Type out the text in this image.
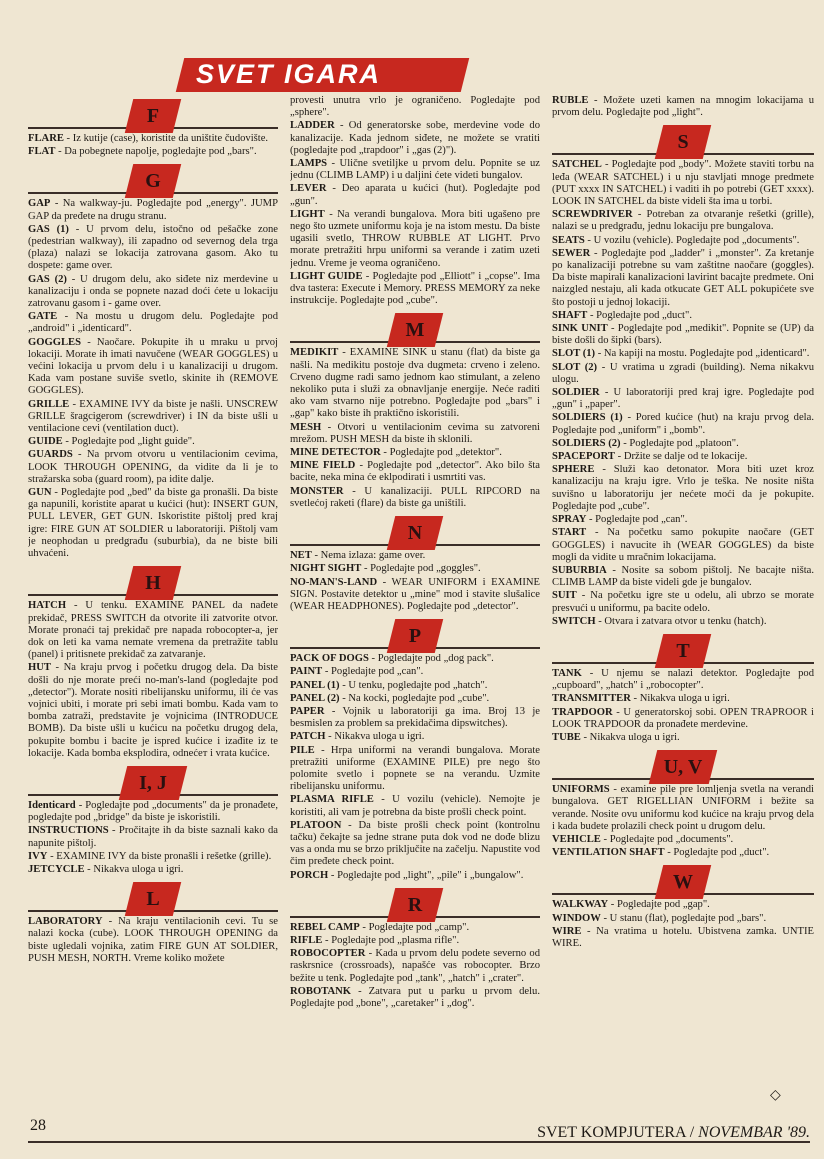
SVET IGARA
F

FLARE - Iz kutije (case), koristite da uništite čudovište.

FLAT - Da pobegnete napolje, pogledajte pod „bars".

G

GAP - Na walkway-ju. Pogledajte pod „energy". JUMP GAP da pređete na drugu stranu.

GAS (1) - U prvom delu, istočno od pešačke zone (pedestrian walkway), ili zapadno od severnog dela trga (plaza) nalazi se lokacija zatrovana gasom. Ako tu dospete: game over.

GAS (2) - U drugom delu, ako siđete niz merdevine u kanalizaciju i onda se popnete nazad doći ćete u lokaciju zatrovanu gasom i - game over.

GATE - Na mostu u drugom delu. Pogledajte pod „android" i „identicard".

GOGGLES - Naočare. Pokupite ih u mraku u prvoj lokaciji. Morate ih imati navučene (WEAR GOGGLES) u većini lokacija u prvom delu i u kanalizaciji u drugom. Kada vam postane suviše svetlo, skinite ih (REMOVE GOGGLES).

GRILLE - EXAMINE IVY da biste je našli. UNSCREW GRILLE šragcigerom (screwdriver) i IN da biste ušli u ventilacione cevi (ventilation duct).

GUIDE - Pogledajte pod „light guide".

GUARDS - Na prvom otvoru u ventilacionim cevima, LOOK THROUGH OPENING, da vidite da li je to stražarska soba (guard room), pa idite dalje.

GUN - Pogledajte pod „bed" da biste ga pronašli. Da biste ga napunili, koristite aparat u kućici (hut): INSERT GUN, PULL LEVER, GET GUN. Iskoristite pištolj pred kraj igre: FIRE GUN AT SOLDIER u laboratoriji. Pištolj vam je neophodan u predgrađu (suburbia), da ne biste bili uhvaćeni.

H

HATCH - U tenku. EXAMINE PANEL da nađete prekidač, PRESS SWITCH da otvorite ili zatvorite otvor. Morate pronaći taj prekidač pre napada robocopter-a, jer dok on leti ka vama nemate vremena da pretražite tablu (panel) i pritisnete prekidač za zatvaranje.

HUT - Na kraju prvog i početku drugog dela. Da biste došli do nje morate preći no-man's-land (pogledajte pod „detector"). Morate nositi ribelijansku uniformu, ili će vas vojnici ubiti, i morate pri sebi imati bombu. Kada vam to bomba zatraži, predstavite je vojnicima (INTRODUCE BOMB). Da biste ušli u kućicu na početku drugog dela, pokupite bombu i bacite je ispred kućice i izađite iz te lokacije. Kada bomba eksplodira, odnećeт i vrata kućice.

I, J

Identicard - Pogledajte pod „documents" da je pronađete, pogledajte pod „bridge" da biste je iskoristili.

INSTRUCTIONS - Pročitajte ih da biste saznali kako da napunite pištolj.

IVY - EXAMINE IVY da biste pronašli i rešetke (grille).

JETCYCLE - Nikakva uloga u igri.

L

LABORATORY - Na kraju ventilacionih cevi. Tu se nalazi kocka (cube). LOOK THROUGH OPENING da biste ugledali vojnika, zatim FIRE GUN AT SOLDIER, PUSH MESH, NORTH. Vreme koliko možete

provesti unutra vrlo je ograničeno. Pogledajte pod „sphere".

LADDER - Od generatorske sobe, merdevine vode do kanalizacije. Kada jednom siđete, ne možete se vratiti (pogledajte pod „trapdoor" i „gas (2)").

LAMPS - Ulične svetiljke u prvom delu. Popnite se uz jednu (CLIMB LAMP) i u daljini ćete videti bungalov.

LEVER - Deo aparata u kućici (hut). Pogledajte pod „gun".

LIGHT - Na verandi bungalova. Mora biti ugašeno pre nego što uzmete uniformu koja je na istom mestu. Da biste ugasili svetlo, THROW RUBBLE AT LIGHT. Prvo morate pretražiti hrpu uniformi sa verande i zatim uzeti jednu. Vreme je veoma ograničeno.

LIGHT GUIDE - Pogledajte pod „Elliott" i „copse". Ima dva tastera: Execute i Memory. PRESS MEMORY za neke instrukcije. Pogledajte pod „cube".

M

MEDIKIT - EXAMINE SINK u stanu (flat) da biste ga našli. Na medikitu postoje dva dugmeta: crveno i zeleno. Crveno dugme radi samo jednom kao stimulant, a zeleno nekoliko puta i služi za obnavljanje energije. Neće raditi ako vam stvarno nije potrebno. Pogledajte pod „bars" i „gap" kako biste ih praktično iskoristili.

MESH - Otvori u ventilacionim cevima su zatvoreni mrežom. PUSH MESH da biste ih sklonili.

MINE DETECTOR - Pogledajte pod „detektor".

MINE FIELD - Pogledajte pod „detector". Ako bilo šta bacite, neka mina će eklpodirati i usmrtiti vas.

MONSTER - U kanalizaciji. PULL RIPCORD na svetlećoj raketi (flare) da biste ga uništili.

N

NET - Nema izlaza: game over.

NIGHT SIGHT - Pogledajte pod „goggles".

NO-MAN'S-LAND - WEAR UNIFORM i EXAMINE SIGN. Postavite detektor u „mine" mod i stavite slušalice (WEAR HEADPHONES). Pogledajte pod „detector".

P

PACK OF DOGS - Pogledajte pod „dog pack".

PAINT - Pogledajte pod „can".

PANEL (1) - U tenku, pogledajte pod „hatch".

PANEL (2) - Na kocki, pogledajte pod „cube".

PAPER - Vojnik u laboratoriji ga ima. Broj 13 je besmislen za problem sa prekidačima dipswitches).

PATCH - Nikakva uloga u igri.

PILE - Hrpa uniformi na verandi bungalova. Morate pretražiti uniforme (EXAMINE PILE) pre nego što polomite svetlo i popnete se na verandu. Uzmite ribelijansku uniformu.

PLASMA RIFLE - U vozilu (vehicle). Nemojte je koristiti, ali vam je potrebna da biste prošli check point.

PLATOON - Da biste prošli check point (kontrolnu tačku) čekajte sa jedne strane puta dok vod ne dođe blizu vas a onda mu se brzo priključite na začelju. Napustite vod čim pređete check point.

PORCH - Pogledajte pod „light", „pile" i „bungalow".

R

REBEL CAMP - Pogledajte pod „camp".

RIFLE - Pogledajte pod „plasma rifle".

ROBOCOPTER - Kada u prvom delu podete severno od raskrsnice (crossroads), napašće vas robocopter. Brzo bežite u tenk. Pogledajte pod „tank", „hatch" i „crater".

ROBOTANK - Zatvara put u parku u prvom delu. Pogledajte pod „bone", „caretaker" i „dog".

RUBLE - Možete uzeti kamen na mnogim lokacijama u prvom delu. Pogledajte pod „light".

S

SATCHEL - Pogledajte pod „body". Možete staviti torbu na leđa (WEAR SATCHEL) i u nju stavljati mnoge predmete (PUT xxxx IN SATCHEL) i vaditi ih po potrebi (GET xxxx). LOOK IN SATCHEL da biste videli šta ima u torbi.

SCREWDRIVER - Potreban za otvaranje rešetki (grille), nalazi se u predgrađu, jednu lokaciju pre bungalova.

SEATS - U vozilu (vehicle). Pogledajte pod „documents".

SEWER - Pogledajte pod „ladder" i „monster". Za kretanje po kanalizaciji potrebne su vam zaštitne naočare (goggles). Da biste mapirali kanalizacioni lavirint bacajte predmete. Oni naizgled nestaju, ali kada otkucate GET ALL pokupićete sve što postoji u jednoj lokaciji.

SHAFT - Pogledajte pod „duct".

SINK UNIT - Pogledajte pod „medikit". Popnite se (UP) da biste došli do šipki (bars).

SLOT (1) - Na kapiji na mostu. Pogledajte pod „identicard".

SLOT (2) - U vratima u zgradi (building). Nema nikakvu ulogu.

SOLDIER - U laboratoriji pred kraj igre. Pogledajte pod „gun" i „paper".

SOLDIERS (1) - Pored kućice (hut) na kraju prvog dela. Pogledajte pod „uniform" i „bomb".

SOLDIERS (2) - Pogledajte pod „platoon".

SPACEPORT - Držite se dalje od te lokacije.

SPHERE - Služi kao detonator. Mora biti uzet kroz kanalizaciju na kraju igre. Vrlo je teška. Ne nosite ništa suvišno u laboratoriju jer nećete moći da je pokupite. Pogledajte pod „cube".

SPRAY - Pogledajte pod „can".

START - Na početku samo pokupite naočare (GET GOGGLES) i navucite ih (WEAR GOGGLES) da biste mogli da vidite u mračnim lokacijama.

SUBURBIA - Nosite sa sobom pištolj. Ne bacajte ništa. CLIMB LAMP da biste videli gde je bungalov.

SUIT - Na početku igre ste u odelu, ali ubrzo se morate presvući u uniformu, pa bacite odelo.

SWITCH - Otvara i zatvara otvor u tenku (hatch).

T

TANK - U njemu se nalazi detektor. Pogledajte pod „cupboard", „hatch" i „robocopter".

TRANSMITTER - Nikakva uloga u igri.

TRAPDOOR - U generatorskoj sobi. OPEN TRAPROOR i LOOK TRAPDOOR da pronađete merdevine.

TUBE - Nikakva uloga u igri.

U, V

UNIFORMS - examine pile pre lomljenja svetla na verandi bungalova. GET RIGELLIAN UNIFORM i bežite sa verande. Nosite ovu uniformu kod kućice na kraju prvog dela i kada budete prolazili check point u drugom delu.

VEHICLE - Pogledajte pod „documents".

VENTILATION SHAFT - Pogledajte pod „duct".

W

WALKWAY - Pogledajte pod „gap".

WINDOW - U stanu (flat), pogledajte pod „bars".

WIRE - Na vratima u hotelu. Ubistvena zamka. UNTIE WIRE.

◇
28	SVET KOMPJUTERA / NOVEMBAR '89.
